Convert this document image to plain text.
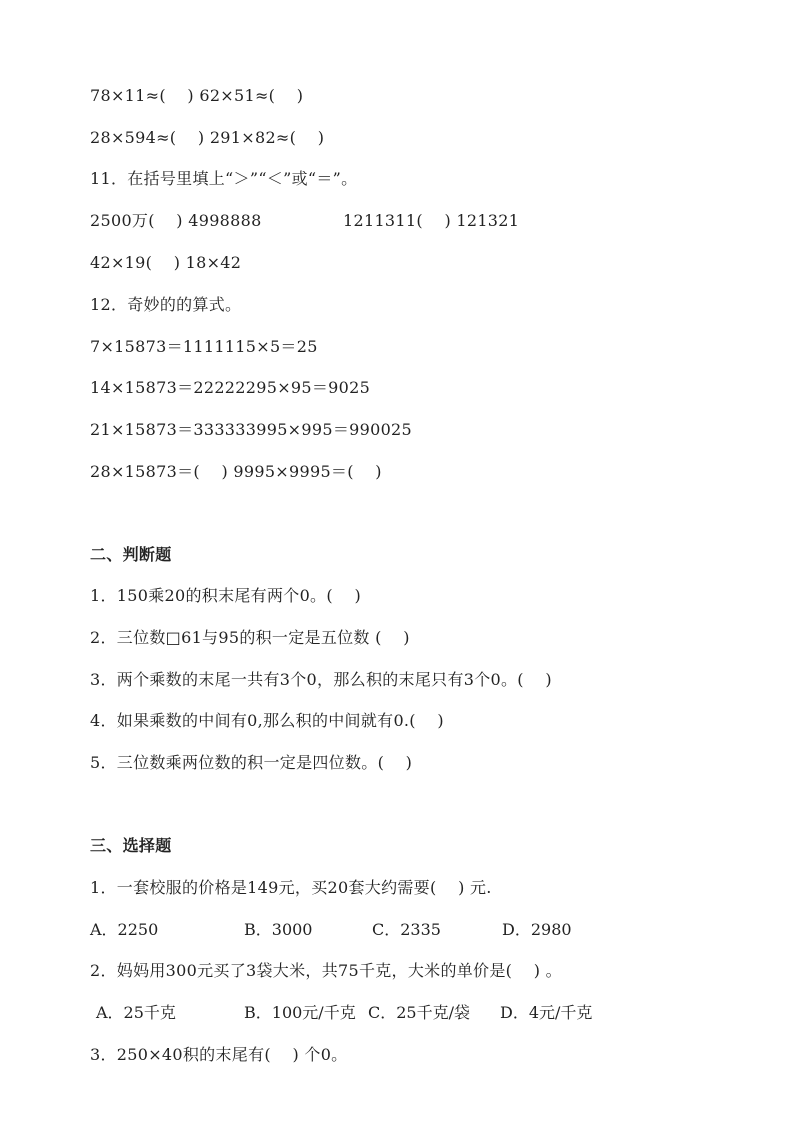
78×11≈(    ) 62×51≈(    )
28×594≈(    ) 291×82≈(    )
11．在括号里填上“＞”“＜”或“＝”。
2500万(    ) 4998888	1211311(    ) 121321
42×19(    ) 18×42
12．奇妙的的算式。
7×15873＝1111115×5＝25
14×15873＝22222295×95＝9025
21×15873＝333333995×995＝990025
28×15873＝(    ) 9995×9995＝(    )
二、判断题
1．150乘20的积末尾有两个0。(    )
2．三位数□61与95的积一定是五位数 (    )
3．两个乘数的末尾一共有3个0，那么积的末尾只有3个0。(    )
4．如果乘数的中间有0,那么积的中间就有0.(    )
5．三位数乘两位数的积一定是四位数。(    )
三、选择题
1．一套校服的价格是149元，买20套大约需要(    ) 元.
A．2250	B．3000	C．2335	D．2980
2．妈妈用300元买了3袋大米，共75千克，大米的单价是(    ) 。
A．25千克	B．100元/千克 C．25千克/袋 D．4元/千克
3．250×40积的末尾有(    ) 个0。
